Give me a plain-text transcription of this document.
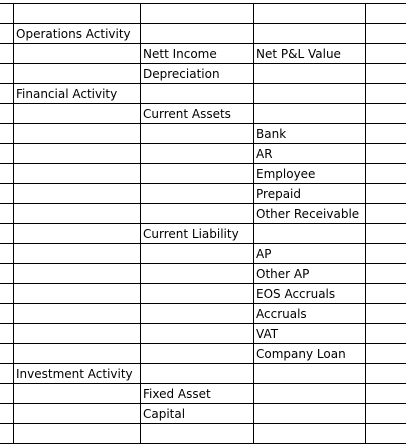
Operations Activity
Nett Income	Net P&L Value
Depreciation
Financial Activity
Current Assets
Bank
AR
Employee
Prepaid
Other Receivable
Current Liability
AP
Other AP
EOS Accruals
Accruals
VAT
Company Loan
Investment Activity
Fixed Asset
Capital
